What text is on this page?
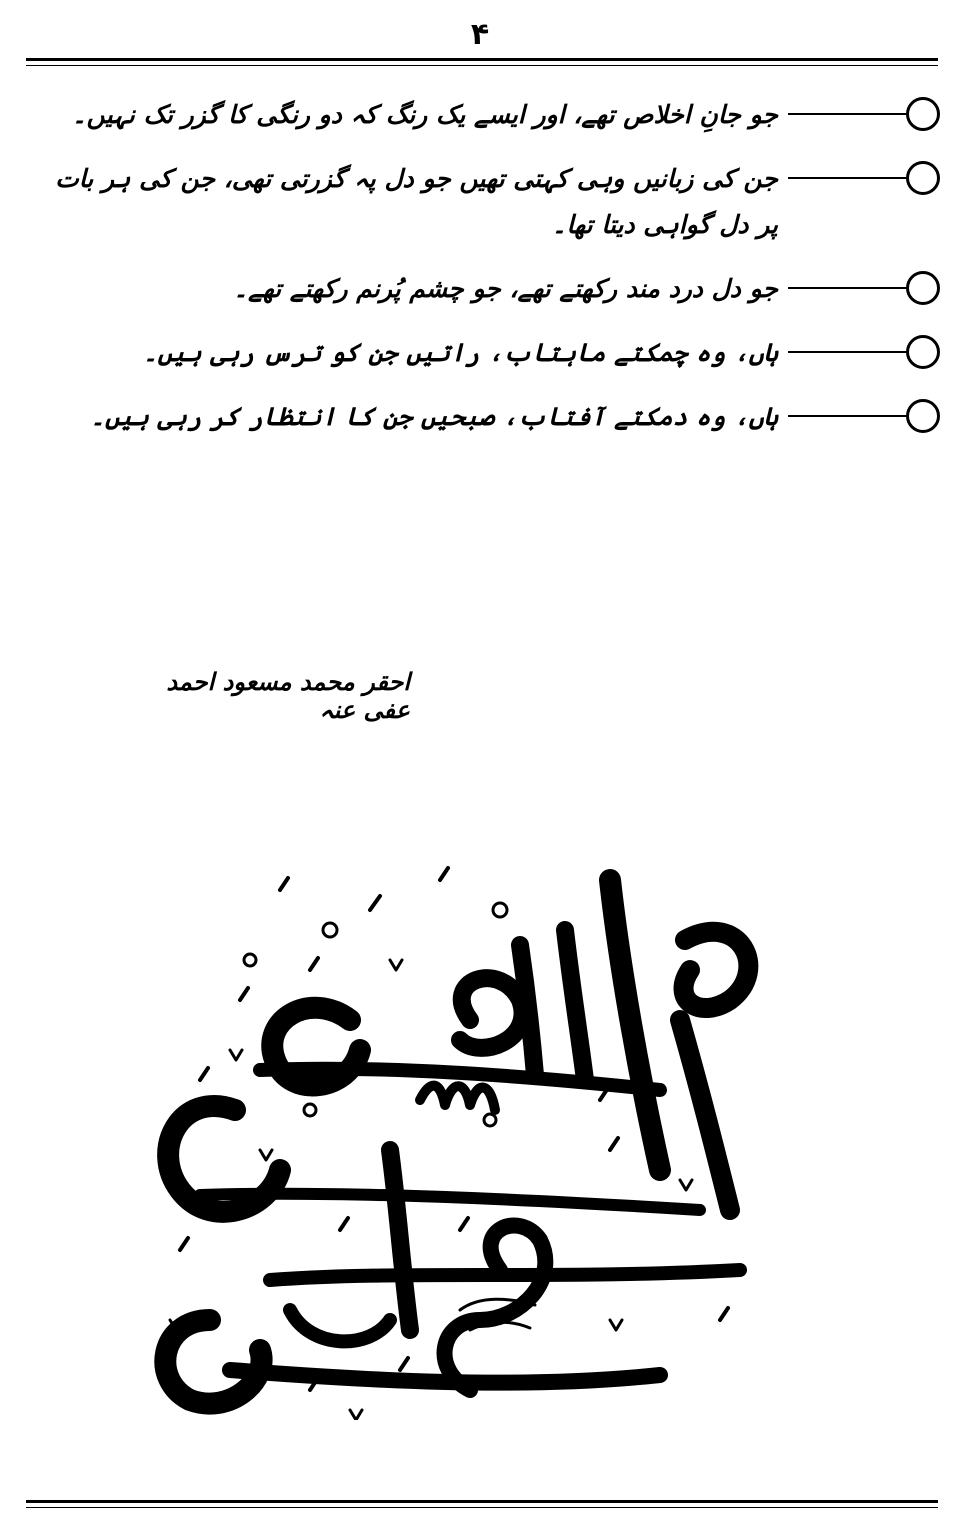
۴
جو جانِ اخلاص تھے، اور ایسے یک رنگ کہ دو رنگی کا گزر تک نہیں۔
جن کی زبانیں وہی کہتی تھیں جو دل پہ گزرتی تھی، جن کی ہر بات پر دل گواہی دیتا تھا۔
جو دل درد مند رکھتے تھے، جو چشم پُرنم رکھتے تھے۔
ہاں، وہ چمکتے ماہتاب، راتیں جن کو ترس رہی ہیں۔
ہاں، وہ دمکتے آفتاب، صبحیں جن کا انتظار کر رہی ہیں۔
احقر محمد مسعود احمد عفی عنہ
